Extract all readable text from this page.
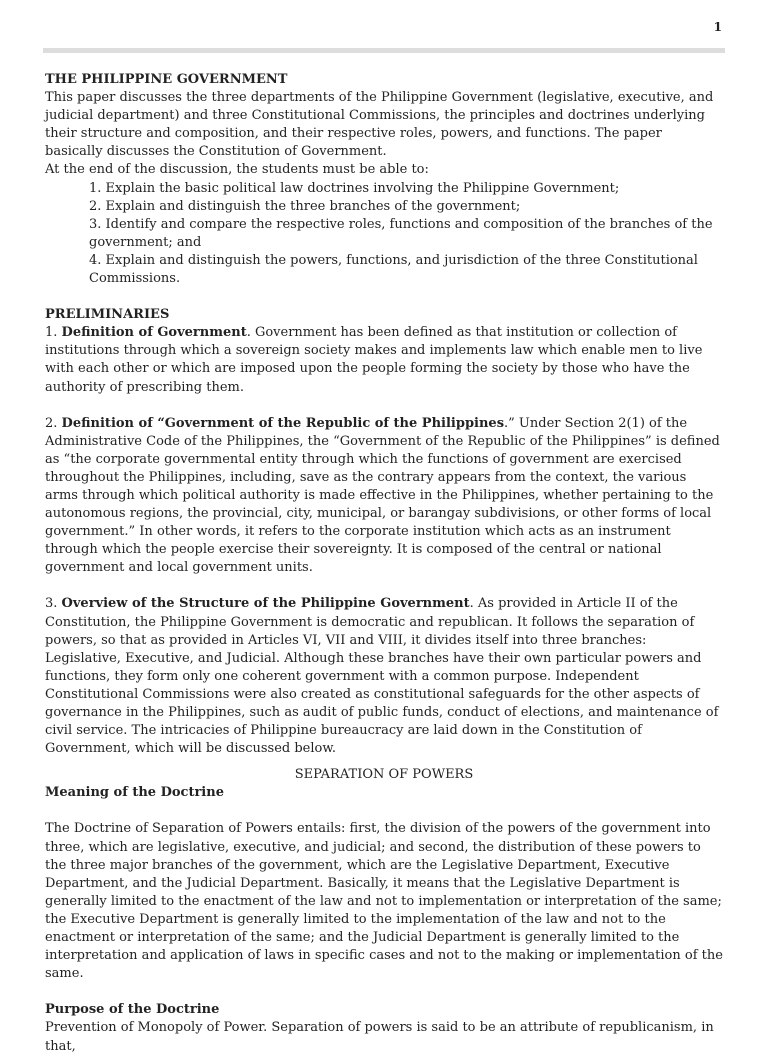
1

THE PHILIPPINE GOVERNMENT

This paper discusses the three departments of the Philippine Government (legislative, executive, and judicial department) and three Constitutional Commissions, the principles and doctrines underlying their structure and composition, and their respective roles, powers, and functions. The paper basically discusses the Constitution of Government.

At the end of the discussion, the students must be able to:

1. Explain the basic political law doctrines involving the Philippine Government;
2. Explain and distinguish the three branches of the government;
3. Identify and compare the respective roles, functions and composition of the branches of the government; and
4. Explain and distinguish the powers, functions, and jurisdiction of the three Constitutional Commissions.

PRELIMINARIES

1. Definition of Government. Government has been defined as that institution or collection of institutions through which a sovereign society makes and implements law which enable men to live with each other or which are imposed upon the people forming the society by those who have the authority of prescribing them.

2. Definition of “Government of the Republic of the Philippines.” Under Section 2(1) of the Administrative Code of the Philippines, the “Government of the Republic of the Philippines” is defined as “the corporate governmental entity through which the functions of government are exercised throughout the Philippines, including, save as the contrary appears from the context, the various arms through which political authority is made effective in the Philippines, whether pertaining to the autonomous regions, the provincial, city, municipal, or barangay subdivisions, or other forms of local government.” In other words, it refers to the corporate institution which acts as an instrument through which the people exercise their sovereignty. It is composed of the central or national government and local government units.

3. Overview of the Structure of the Philippine Government. As provided in Article II of the Constitution, the Philippine Government is democratic and republican. It follows the separation of powers, so that as provided in Articles VI, VII and VIII, it divides itself into three branches: Legislative, Executive, and Judicial. Although these branches have their own particular powers and functions, they form only one coherent government with a common purpose. Independent Constitutional Commissions were also created as constitutional safeguards for the other aspects of governance in the Philippines, such as audit of public funds, conduct of elections, and maintenance of civil service. The intricacies of Philippine bureaucracy are laid down in the Constitution of Government, which will be discussed below.

SEPARATION OF POWERS

Meaning of the Doctrine

The Doctrine of Separation of Powers entails: first, the division of the powers of the government into three, which are legislative, executive, and judicial; and second, the distribution of these powers to the three major branches of the government, which are the Legislative Department, Executive Department, and the Judicial Department. Basically, it means that the Legislative Department is generally limited to the enactment of the law and not to implementation or interpretation of the same; the Executive Department is generally limited to the implementation of the law and not to the enactment or interpretation of the same; and the Judicial Department is generally limited to the interpretation and application of laws in specific cases and not to the making or implementation of the same.

Purpose of the Doctrine

Prevention of Monopoly of Power. Separation of powers is said to be an attribute of republicanism, in that,
